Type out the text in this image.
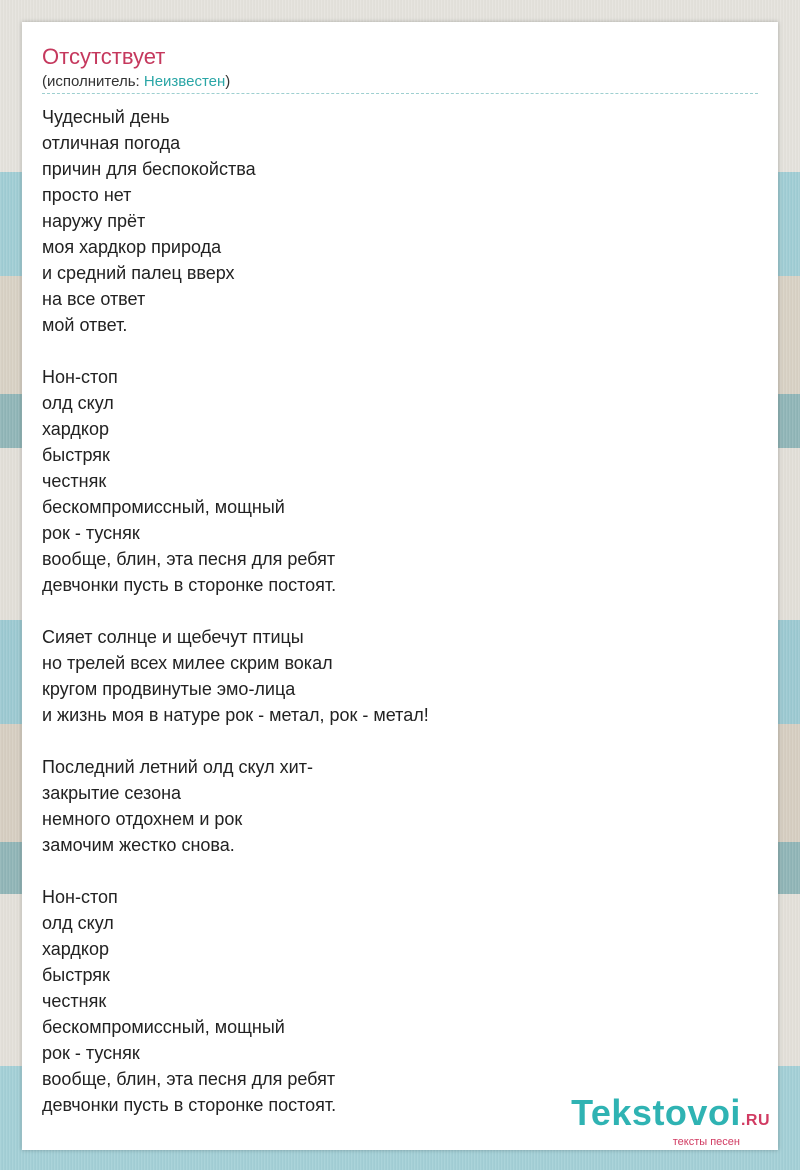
Отсутствует
(исполнитель: Неизвестен)
Чудесный день
отличная погода
причин для беспокойства
просто нет
наружу прёт
моя хардкор природа
и средний палец вверх
на все ответ
мой ответ.
Нон-стоп
олд скул
хардкор
быстряк
честняк
бескомпромиссный, мощный
рок - тусняк
вообще, блин, эта песня для ребят
девчонки пусть в сторонке постоят.
Сияет солнце и щебечут птицы
но трелей всех милее скрим вокал
кругом продвинутые эмо-лица
и жизнь моя в натуре рок - метал, рок - метал!
Последний летний олд скул хит-
закрытие сезона
немного отдохнем и рок
замочим жестко снова.
Нон-стоп
олд скул
хардкор
быстряк
честняк
бескомпромиссный, мощный
рок - тусняк
вообще, блин, эта песня для ребят
девчонки пусть в сторонке постоят.	Tekstovoi.RU
тексты песен
